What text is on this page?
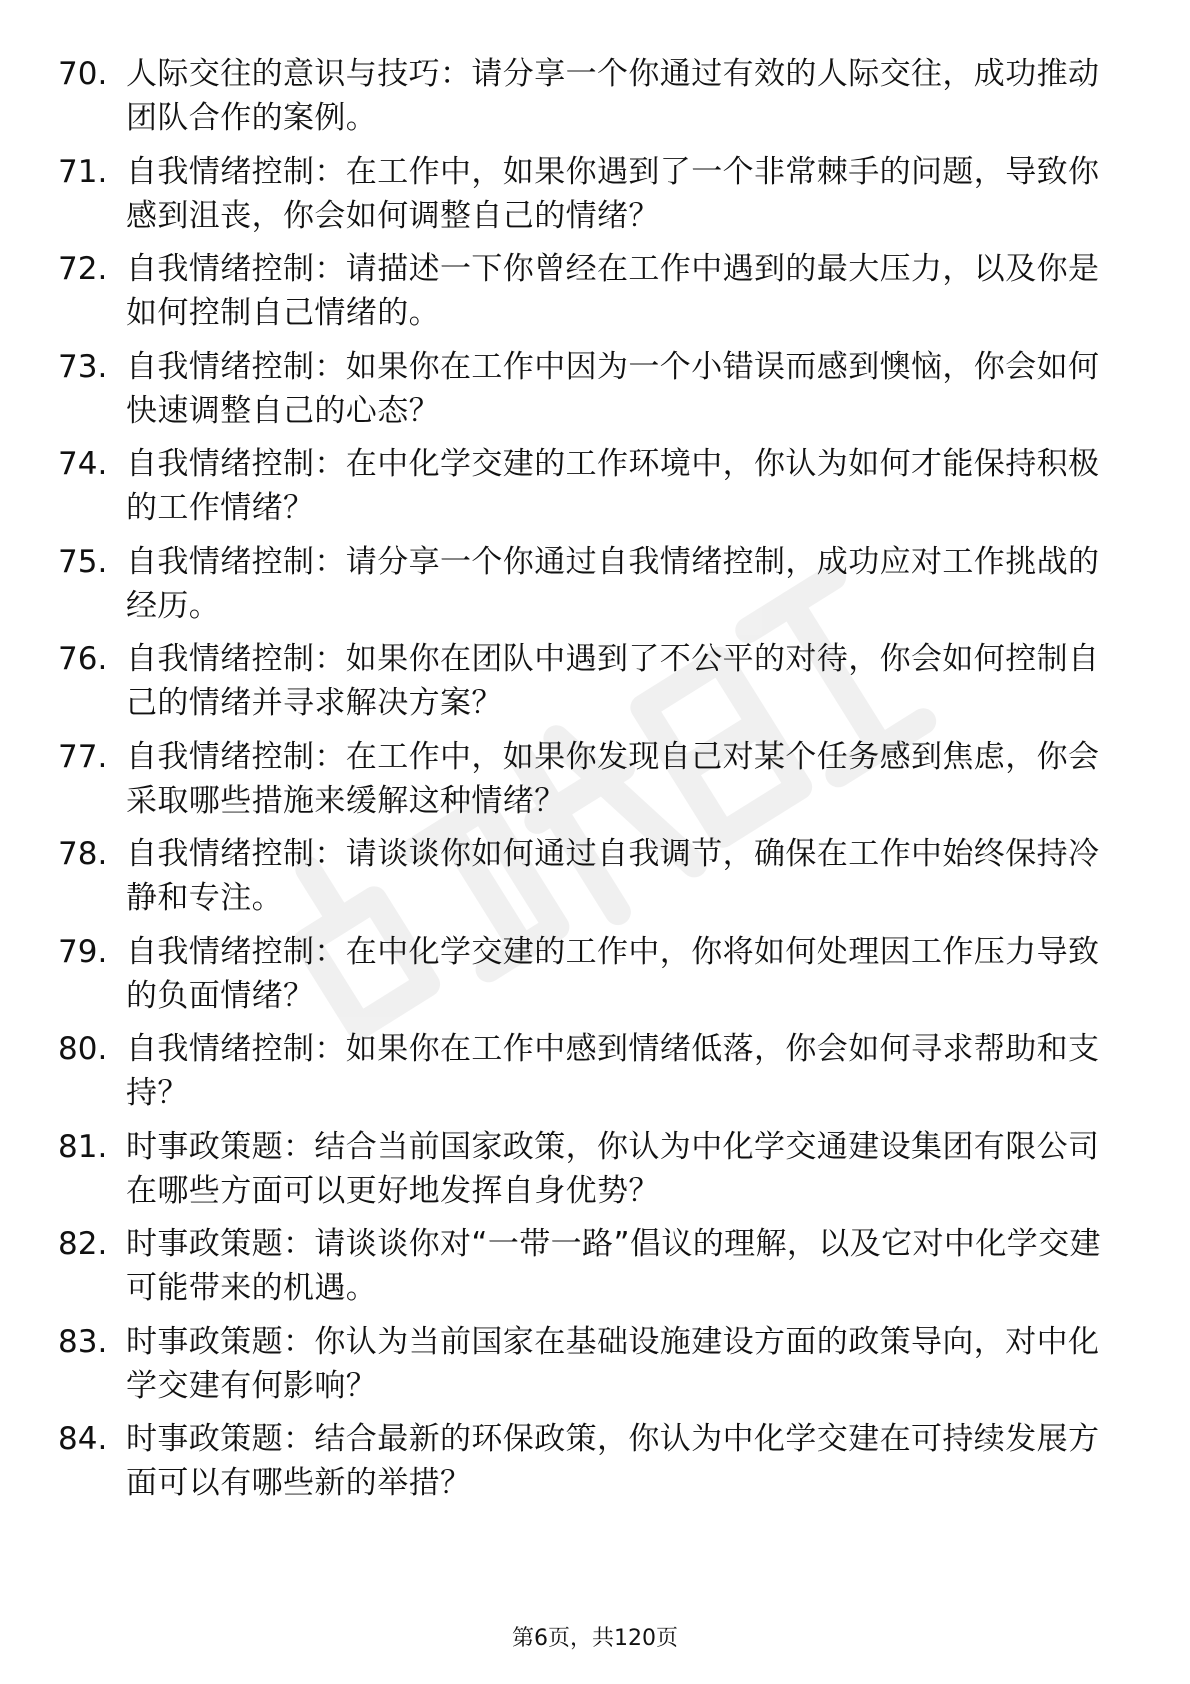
70. 人际交往的意识与技巧：请分享一个你通过有效的人际交往，成功推动团队合作的案例。
71. 自我情绪控制：在工作中，如果你遇到了一个非常棘手的问题，导致你感到沮丧，你会如何调整自己的情绪？
72. 自我情绪控制：请描述一下你曾经在工作中遇到的最大压力，以及你是如何控制自己情绪的。
73. 自我情绪控制：如果你在工作中因为一个小错误而感到懊恼，你会如何快速调整自己的心态？
74. 自我情绪控制：在中化学交建的工作环境中，你认为如何才能保持积极的工作情绪？
75. 自我情绪控制：请分享一个你通过自我情绪控制，成功应对工作挑战的经历。
76. 自我情绪控制：如果你在团队中遇到了不公平的对待，你会如何控制自己的情绪并寻求解决方案？
77. 自我情绪控制：在工作中，如果你发现自己对某个任务感到焦虑，你会采取哪些措施来缓解这种情绪？
78. 自我情绪控制：请谈谈你如何通过自我调节，确保在工作中始终保持冷静和专注。
79. 自我情绪控制：在中化学交建的工作中，你将如何处理因工作压力导致的负面情绪？
80. 自我情绪控制：如果你在工作中感到情绪低落，你会如何寻求帮助和支持？
81. 时事政策题：结合当前国家政策，你认为中化学交通建设集团有限公司在哪些方面可以更好地发挥自身优势？
82. 时事政策题：请谈谈你对“一带一路”倡议的理解，以及它对中化学交建可能带来的机遇。
83. 时事政策题：你认为当前国家在基础设施建设方面的政策导向，对中化学交建有何影响？
84. 时事政策题：结合最新的环保政策，你认为中化学交建在可持续发展方面可以有哪些新的举措？
第6页，共120页
